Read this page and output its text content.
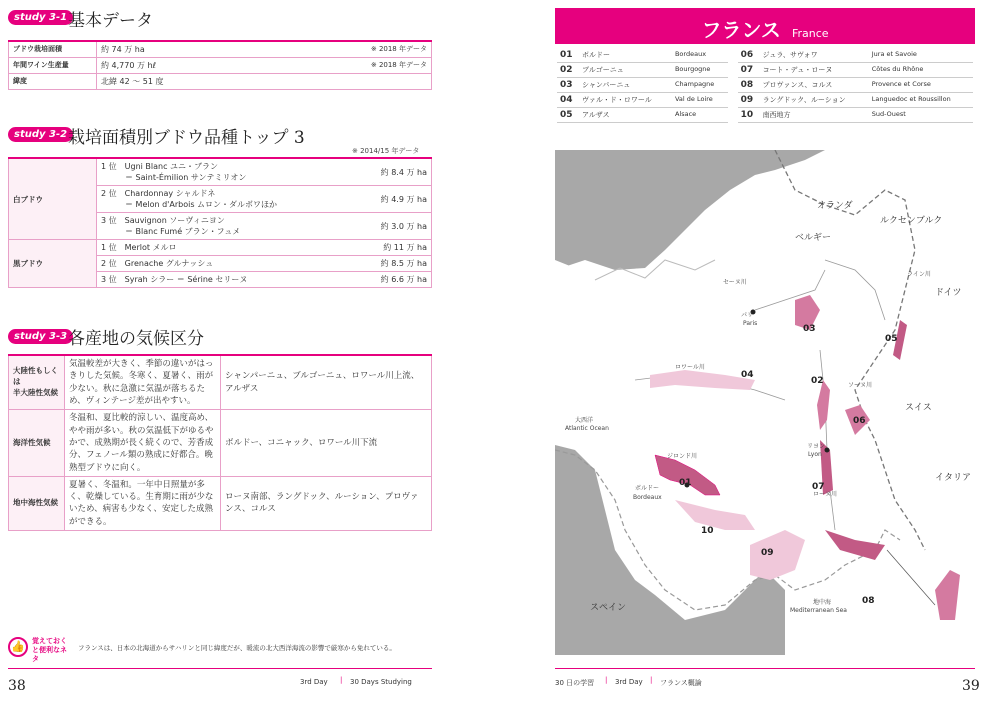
study 3-1 基本データ
ブドウ栽培面積	約 74 万 ha	※ 2018 年データ
年間ワイン生産量	約 4,770 万 hℓ	※ 2018 年データ
緯度	北緯 42 〜 51 度	
study 3-2 栽培面積別ブドウ品種トップ 3
※ 2014/15 年データ
白ブドウ	1 位　 Ugni Blanc ユニ・ブラン
＝ Saint-Émilion サンテミリオン	約 8.4 万 ha
	2 位　 Chardonnay シャルドネ
＝ Melon d'Arbois ムロン・ダルボワほか	約 4.9 万 ha
	3 位　 Sauvignon ソーヴィニヨン
＝ Blanc Fumé ブラン・フュメ	約 3.0 万 ha
黒ブドウ	1 位　 Merlot メルロ	約 11 万 ha
	2 位　 Grenache グルナッシュ	約 8.5 万 ha
	3 位　 Syrah シラー ＝ Sérine セリーヌ	約 6.6 万 ha
study 3-3 各産地の気候区分
大陸性もしくは
半大陸性気候	気温較差が大きく、季節の違いがはっきりした気候。冬寒く、夏暑く、雨が少ない。秋に急激に気温が落ちるため、ヴィンテージ差が出やすい。	シャンパーニュ、ブルゴーニュ、ロワール川上流、アルザス
海洋性気候	冬温和、夏比較的涼しい、温度高め、やや雨が多い。秋の気温低下がゆるやかで、成熟期が長く続くので、芳香成分、フェノール類の熟成に好都合。晩熟型ブドウに向く。	ボルドー、コニャック、ロワール川下流
地中海性気候	夏暑く、冬温和。一年中日照量が多く、乾燥している。生育期に雨が少ないため、病害も少なく、安定した成熟ができる。	ローヌ南部、ラングドック、ルーション、プロヴァンス、コルス
👍	覚えておくと便利なネタ
フランスは、日本の北海道からサハリンと同じ緯度だが、暖流の北大西洋海流の影響で厳寒から免れている。
38	3rd Day | 30 Days Studying
フランス France
01	ボルドー	Bordeaux		06	ジュラ、サヴォワ	Jura et Savoie
02	ブルゴーニュ	Bourgogne		07	コート・デュ・ローヌ	Côtes du Rhône
03	シャンパーニュ	Champagne		08	プロヴァンス、コルス	Provence et Corse
04	ヴァル・ド・ロワール	Val de Loire		09	ラングドック、ルーション	Languedoc et Roussillon
05	アルザス	Alsace		10	南西地方	Sud-Ouest
オランダ
ベルギー
ルクセンブルク
ドイツ
ライン川
セーヌ川
パリ
Paris
ロワール川
大西洋
Atlantic Ocean
ジロンド川
ボルドー
Bordeaux
ソーヌ川
スイス
リヨン
Lyon
ローヌ川
イタリア
スペイン
地中海
Mediterranean Sea
01
02
03
04
05
06
07
08
09
10
30 日の学習 | 3rd Day | フランス概論	39
